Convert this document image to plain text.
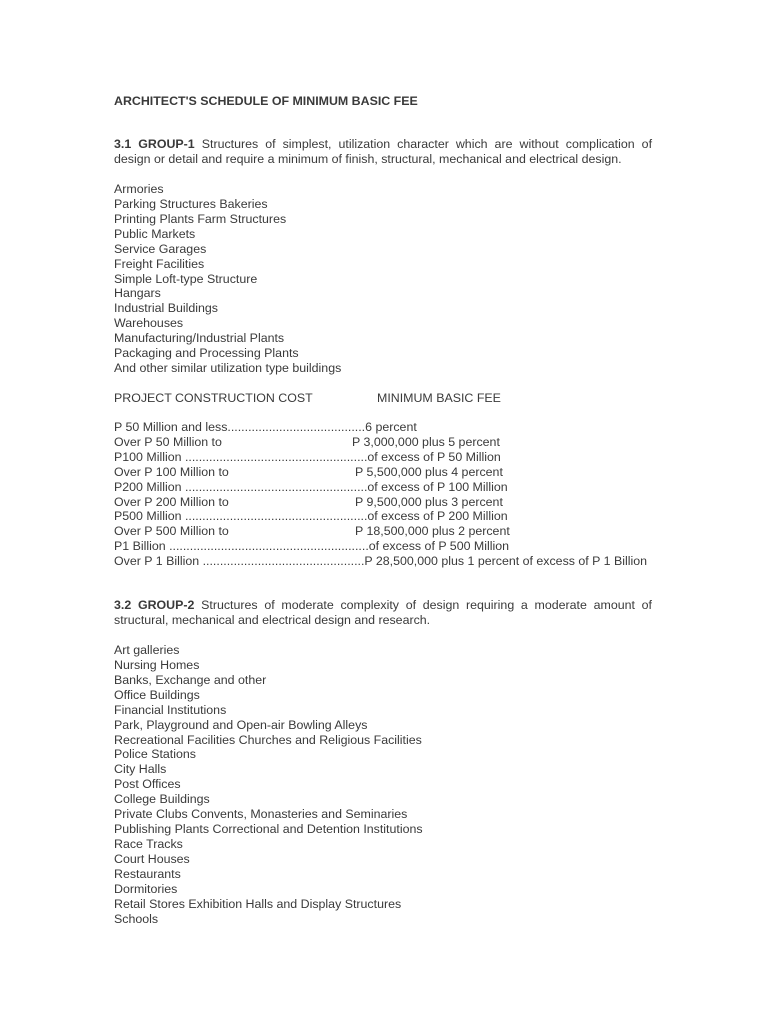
ARCHITECT'S SCHEDULE OF MINIMUM BASIC FEE
3.1 GROUP-1 Structures of simplest, utilization character which are without complication of design or detail and require a minimum of finish, structural, mechanical and electrical design.
Armories
Parking Structures Bakeries
Printing Plants Farm Structures
Public Markets
Service Garages
Freight Facilities
Simple Loft-type Structure
Hangars
Industrial Buildings
Warehouses
Manufacturing/Industrial Plants
Packaging and Processing Plants
And other similar utilization type buildings
PROJECT CONSTRUCTION COST	MINIMUM BASIC FEE
P 50 Million and less........................................6 percent
Over P 50 Million to	P 3,000,000 plus 5 percent
P100 Million .....................................................of excess of P 50 Million
Over P 100 Million to	P 5,500,000 plus 4 percent
P200 Million .....................................................of excess of P 100 Million
Over P 200 Million to	P 9,500,000 plus 3 percent
P500 Million .....................................................of excess of P 200 Million
Over P 500 Million to	P 18,500,000 plus 2 percent
P1 Billion ..........................................................of excess of P 500 Million
Over P 1 Billion ...............................................P 28,500,000 plus 1 percent of excess of P 1 Billion
3.2 GROUP-2 Structures of moderate complexity of design requiring a moderate amount of structural, mechanical and electrical design and research.
Art galleries
Nursing Homes
Banks, Exchange and other
Office Buildings
Financial Institutions
Park, Playground and Open-air Bowling Alleys
Recreational Facilities Churches and Religious Facilities
Police Stations
City Halls
Post Offices
College Buildings
Private Clubs Convents, Monasteries and Seminaries
Publishing Plants Correctional and Detention Institutions
Race Tracks
Court Houses
Restaurants
Dormitories
Retail Stores Exhibition Halls and Display Structures
Schools
